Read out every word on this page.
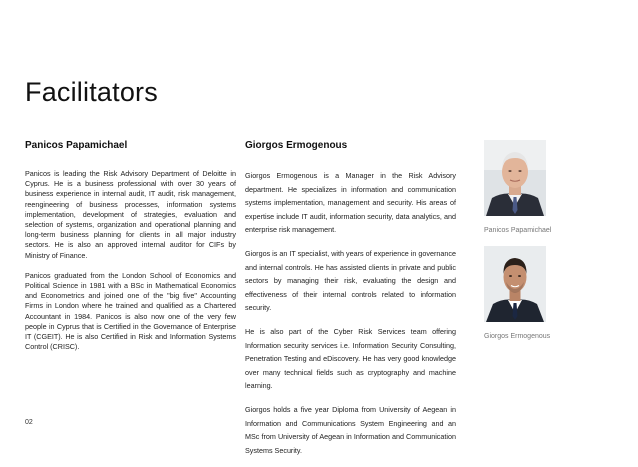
Facilitators
Panicos Papamichael	Giorgos Ermogenous

Panicos is leading the Risk Advisory Department of Deloitte in Cyprus. He is a business professional with over 30 years of business experience in internal audit, IT audit, risk management, reengineering of business processes, information systems implementation, development of strategies, evaluation and selection of systems, organization and operational planning and long-term business planning for clients in all major industry sectors. He is also an approved internal auditor for CIFs by Ministry of Finance.

Panicos graduated from the London School of Economics and Political Science in 1981 with a BSc in Mathematical Economics and Econometrics and joined one of the "big five" Accounting Firms in London where he trained and qualified as a Chartered Accountant in 1984. Panicos is also now one of the very few people in Cyprus that is Certified in the Governance of Enterprise IT (CGEIT). He is also Certified in Risk and Information Systems Control (CRISC).

Giorgos Ermogenous is a Manager in the Risk Advisory department. He specializes in information and communication systems implementation, management and security. His areas of expertise include IT audit, information security, data analytics, and enterprise risk management.

Giorgos is an IT specialist, with years of experience in governance and internal controls. He has assisted clients in private and public sectors by managing their risk, evaluating the design and effectiveness of their internal controls related to information security.

He is also part of the Cyber Risk Services team offering Information security services i.e. Information Security Consulting, Penetration Testing and eDiscovery. He has very good knowledge over many technical fields such as cryptography and machine learning.

Giorgos holds a five year Diploma from University of Aegean in Information and Communications System Engineering and an MSc from University of Aegean in Information and Communication Systems Security.

Panicos Papamichael
Giorgos Ermogenous
02
